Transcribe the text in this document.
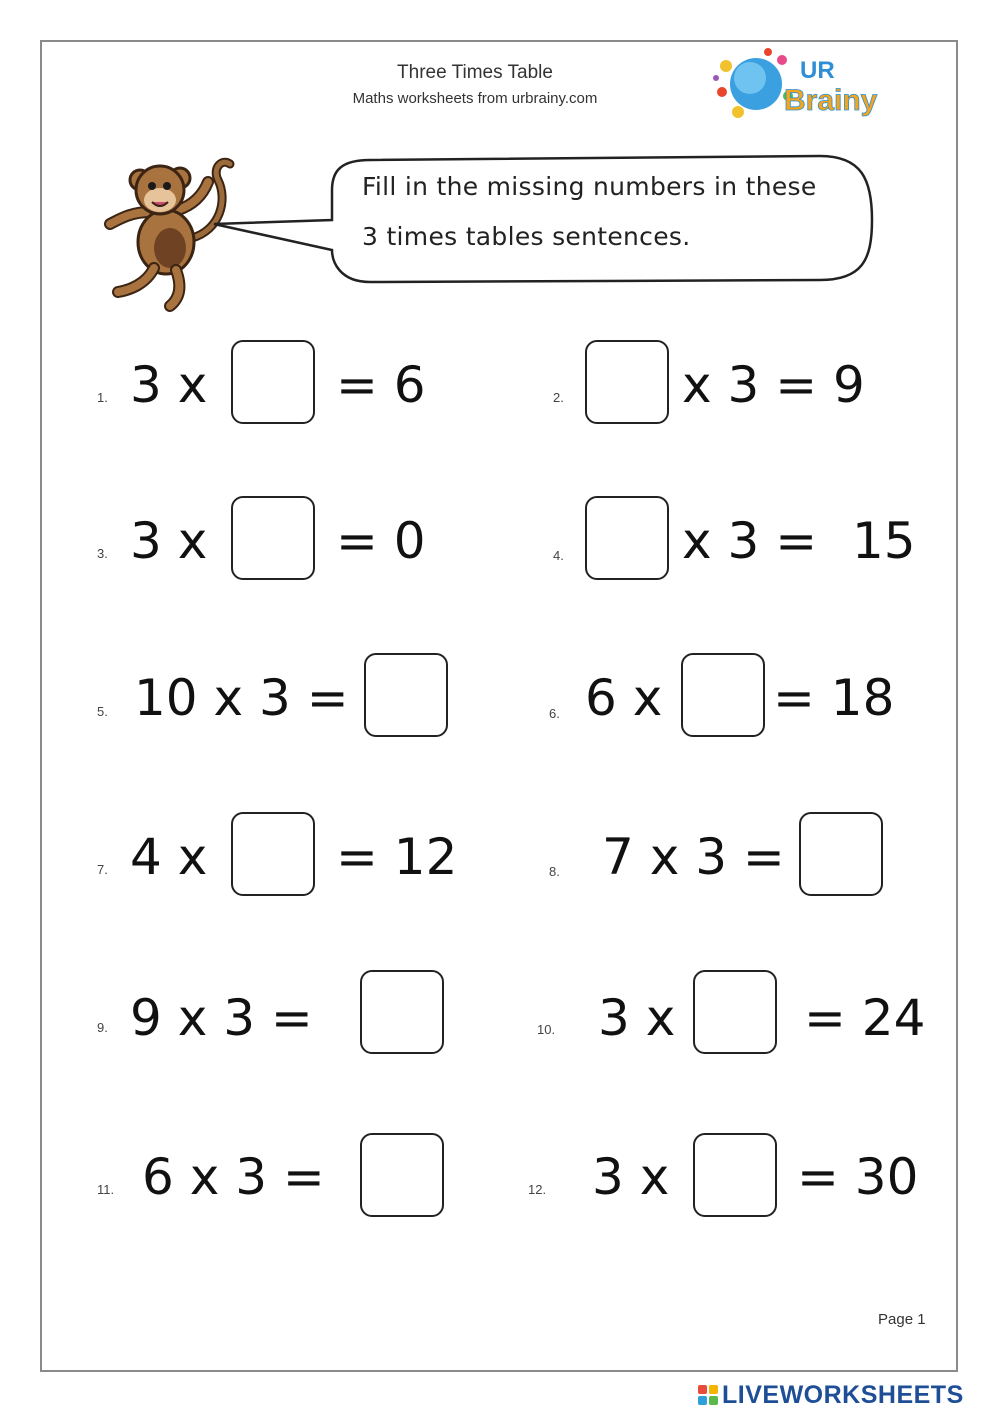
Three Times Table
Maths worksheets from urbrainy.com
UR
Brainy
Fill in the missing numbers in these
3 times tables sentences.
1. 3 x	= 6
3. 3 x	= 0
5. 10 x 3 =
7. 4 x	= 12
9. 9 x 3 =
11. 6 x 3 =
2. x 3 = 9
4. x 3 = 15
6. 6 x = 18
8. 7 x 3 =
10. 3 x	= 24
12. 3 x	= 30
Page 1
LIVEWORKSHEETS
